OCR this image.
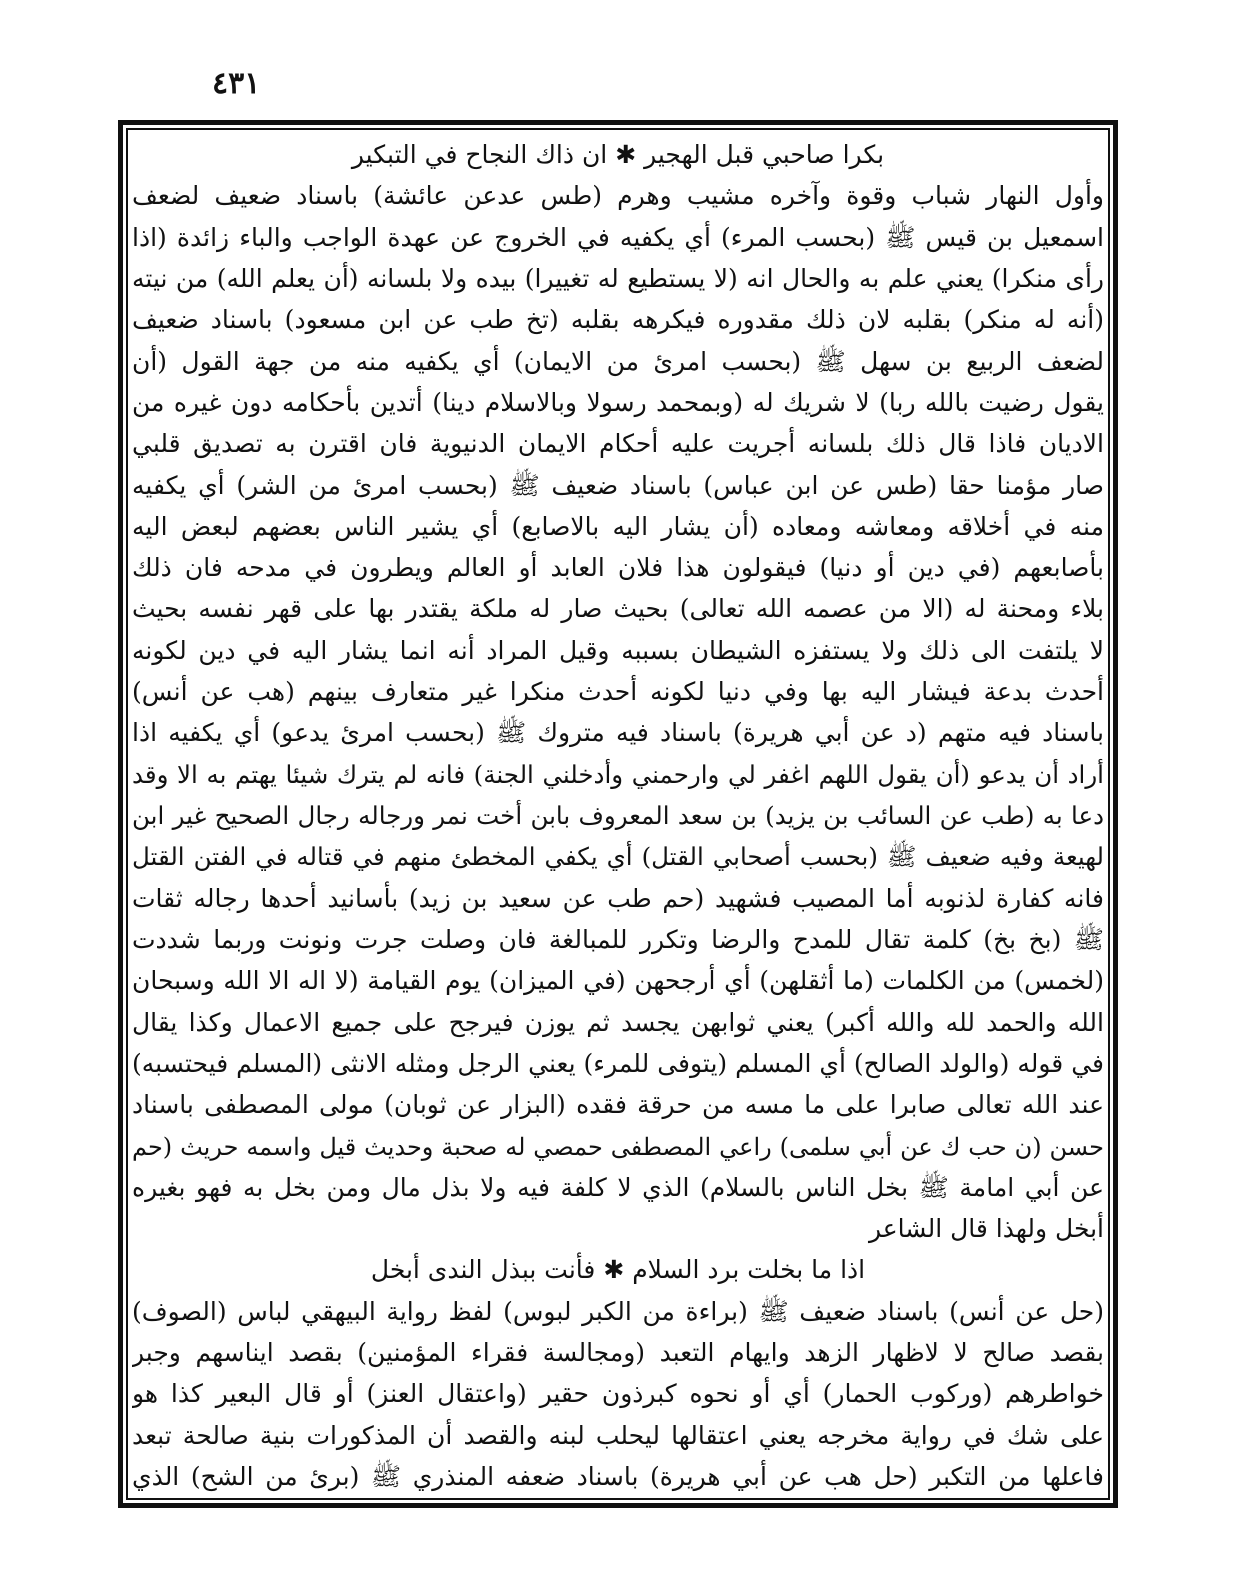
٤٣١
بكرا صاحبي قبل الهجير ✱ ان ذاك النجاح في التبكير
وأول النهار شباب وقوة وآخره مشيب وهرم (طس عدعن عائشة) باسناد ضعيف لضعف
اسمعيل بن قيس ﷺ (بحسب المرء) أي يكفيه في الخروج عن عهدة الواجب والباء زائدة (اذا
رأى منكرا) يعني علم به والحال انه (لا يستطيع له تغييرا) بيده ولا بلسانه (أن يعلم الله) من نيته
(أنه له منكر) بقلبه لان ذلك مقدوره فيكرهه بقلبه (تخ طب عن ابن مسعود) باسناد ضعيف
لضعف الربيع بن سهل ﷺ (بحسب امرئ من الايمان) أي يكفيه منه من جهة القول (أن
يقول رضيت بالله ربا) لا شريك له (وبمحمد رسولا وبالاسلام دينا) أتدين بأحكامه دون غيره من
الاديان فاذا قال ذلك بلسانه أجريت عليه أحكام الايمان الدنيوية فان اقترن به تصديق قلبي
صار مؤمنا حقا (طس عن ابن عباس) باسناد ضعيف ﷺ (بحسب امرئ من الشر) أي يكفيه
منه في أخلاقه ومعاشه ومعاده (أن يشار اليه بالاصابع) أي يشير الناس بعضهم لبعض اليه
بأصابعهم (في دين أو دنيا) فيقولون هذا فلان العابد أو العالم ويطرون في مدحه فان ذلك
بلاء ومحنة له (الا من عصمه الله تعالى) بحيث صار له ملكة يقتدر بها على قهر نفسه بحيث
لا يلتفت الى ذلك ولا يستفزه الشيطان بسببه وقيل المراد أنه انما يشار اليه في دين لكونه
أحدث بدعة فيشار اليه بها وفي دنيا لكونه أحدث منكرا غير متعارف بينهم (هب عن أنس)
باسناد فيه متهم (د عن أبي هريرة) باسناد فيه متروك ﷺ (بحسب امرئ يدعو) أي يكفيه اذا
أراد أن يدعو (أن يقول اللهم اغفر لي وارحمني وأدخلني الجنة) فانه لم يترك شيئا يهتم به الا وقد
دعا به (طب عن السائب بن يزيد) بن سعد المعروف بابن أخت نمر ورجاله رجال الصحيح غير ابن
لهيعة وفيه ضعيف ﷺ (بحسب أصحابي القتل) أي يكفي المخطئ منهم في قتاله في الفتن القتل
فانه كفارة لذنوبه أما المصيب فشهيد (حم طب عن سعيد بن زيد) بأسانيد أحدها رجاله ثقات
ﷺ (بخ بخ) كلمة تقال للمدح والرضا وتكرر للمبالغة فان وصلت جرت ونونت وربما شددت
(لخمس) من الكلمات (ما أثقلهن) أي أرجحهن (في الميزان) يوم القيامة (لا اله الا الله وسبحان
الله والحمد لله والله أكبر) يعني ثوابهن يجسد ثم يوزن فيرجح على جميع الاعمال وكذا يقال
في قوله (والولد الصالح) أي المسلم (يتوفى للمرء) يعني الرجل ومثله الانثى (المسلم فيحتسبه)
عند الله تعالى صابرا على ما مسه من حرقة فقده (البزار عن ثوبان) مولى المصطفى باسناد
حسن (ن حب ك عن أبي سلمى) راعي المصطفى حمصي له صحبة وحديث قيل واسمه حريث (حم
عن أبي امامة ﷺ بخل الناس بالسلام) الذي لا كلفة فيه ولا بذل مال ومن بخل به فهو بغيره
أبخل ولهذا قال الشاعر
اذا ما بخلت برد السلام ✱ فأنت ببذل الندى أبخل
(حل عن أنس) باسناد ضعيف ﷺ (براءة من الكبر لبوس) لفظ رواية البيهقي لباس (الصوف)
بقصد صالح لا لاظهار الزهد وايهام التعبد (ومجالسة فقراء المؤمنين) بقصد ايناسهم وجبر
خواطرهم (وركوب الحمار) أي أو نحوه كبرذون حقير (واعتقال العنز) أو قال البعير كذا هو
على شك في رواية مخرجه يعني اعتقالها ليحلب لبنه والقصد أن المذكورات بنية صالحة تبعد
فاعلها من التكبر (حل هب عن أبي هريرة) باسناد ضعفه المنذري ﷺ (برئ من الشح) الذي
